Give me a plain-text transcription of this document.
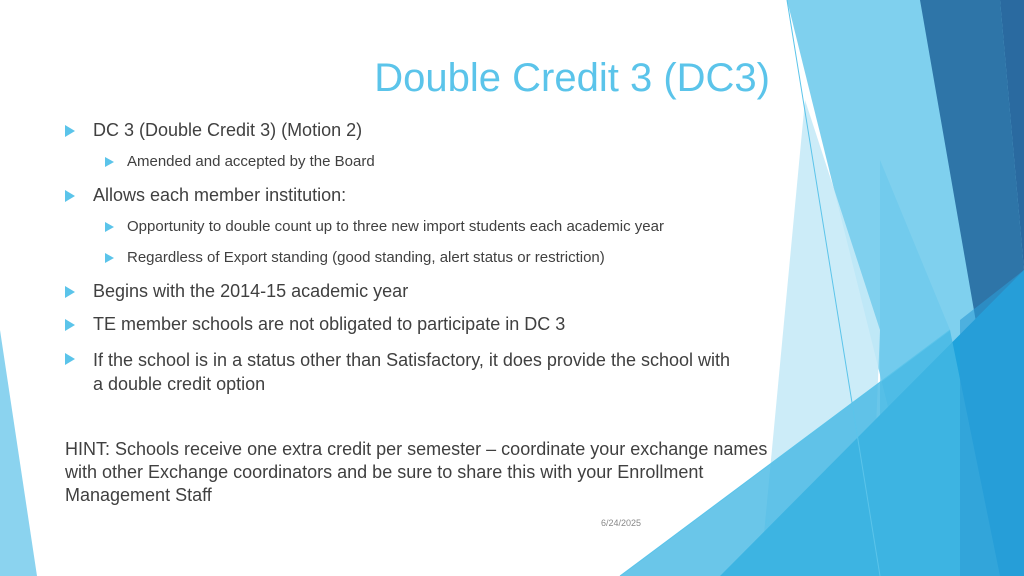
Double Credit 3 (DC3)
DC 3 (Double Credit 3) (Motion 2)
Amended and accepted by the Board
Allows each member institution:
Opportunity to double count up to three new import students each academic year
Regardless of Export standing (good standing, alert status or restriction)
Begins with the 2014-15 academic year
TE member schools are not obligated to participate in DC 3
If the school is in a status other than Satisfactory, it does provide the school with a double credit option
HINT: Schools receive one extra credit per semester – coordinate your exchange names with other Exchange coordinators and be sure to share this with your Enrollment Management Staff
6/24/2025	9
